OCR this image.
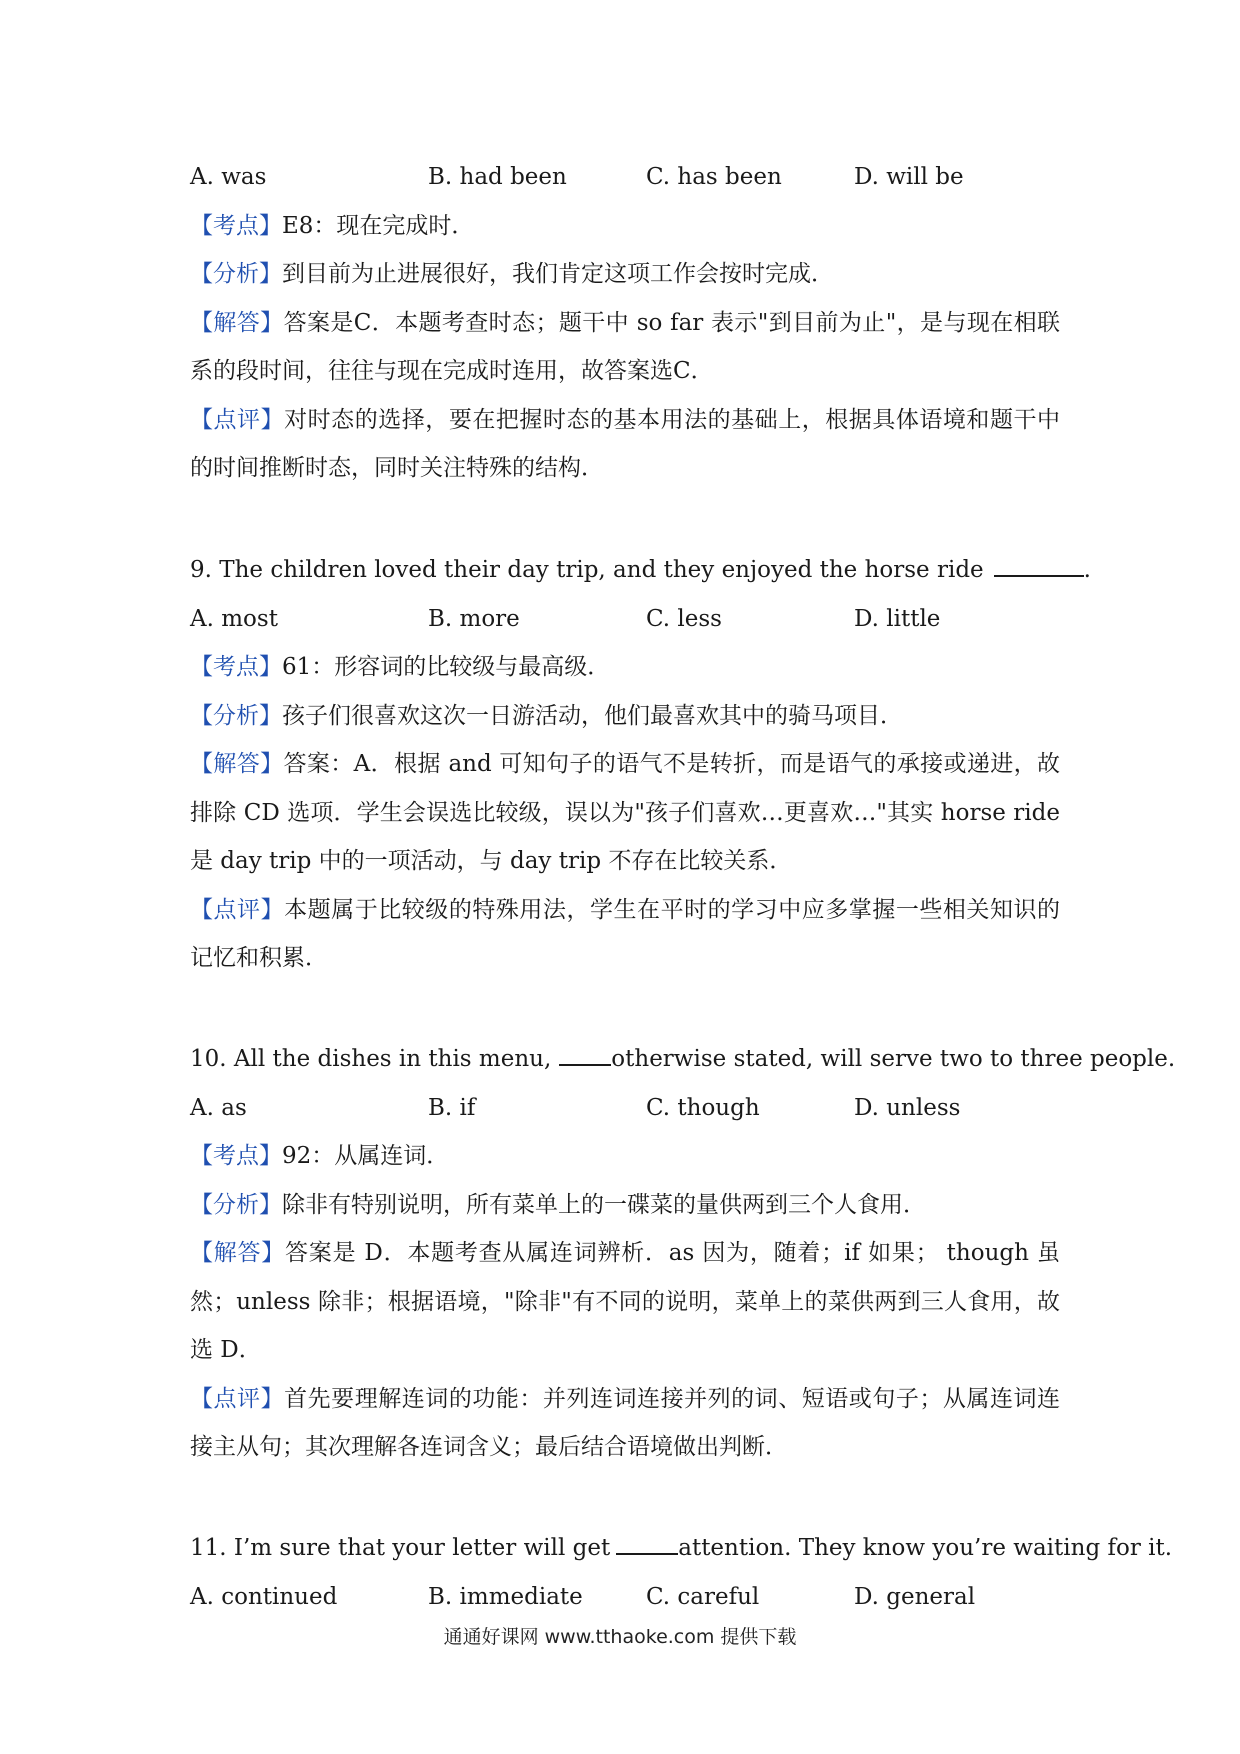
A. was	B. had been	C. has been	D. will be
【考点】E8：现在完成时．
【分析】到目前为止进展很好，我们肯定这项工作会按时完成．
【解答】答案是C．本题考查时态；题干中 so far 表示"到目前为止"，是与现在相联系的段时间，往往与现在完成时连用，故答案选C．
【点评】对时态的选择，要在把握时态的基本用法的基础上，根据具体语境和题干中的时间推断时态，同时关注特殊的结构．
9. The children loved their day trip, and they enjoyed the horse ride	.
A. most	B. more	C. less	D. little
【考点】61：形容词的比较级与最高级．
【分析】孩子们很喜欢这次一日游活动，他们最喜欢其中的骑马项目．
【解答】答案：A．根据 and 可知句子的语气不是转折，而是语气的承接或递进，故排除 CD 选项．学生会误选比较级，误以为"孩子们喜欢…更喜欢…"其实 horse ride 是 day trip 中的一项活动，与 day trip 不存在比较关系．
【点评】本题属于比较级的特殊用法，学生在平时的学习中应多掌握一些相关知识的记忆和积累．
10. All the dishes in this menu,	otherwise stated, will serve two to three people.
A. as	B. if	C. though	D. unless
【考点】92：从属连词．
【分析】除非有特别说明，所有菜单上的一碟菜的量供两到三个人食用．
【解答】答案是 D．本题考查从属连词辨析．as 因为，随着；if 如果； though 虽然；unless 除非；根据语境，"除非"有不同的说明，菜单上的菜供两到三人食用，故选 D．
【点评】首先要理解连词的功能：并列连词连接并列的词、短语或句子；从属连词连接主从句；其次理解各连词含义；最后结合语境做出判断．
11. I’m sure that your letter will get	attention. They know you’re waiting for it.
A. continued	B. immediate	C. careful	D. general
通通好课网 www.tthaoke.com 提供下载
